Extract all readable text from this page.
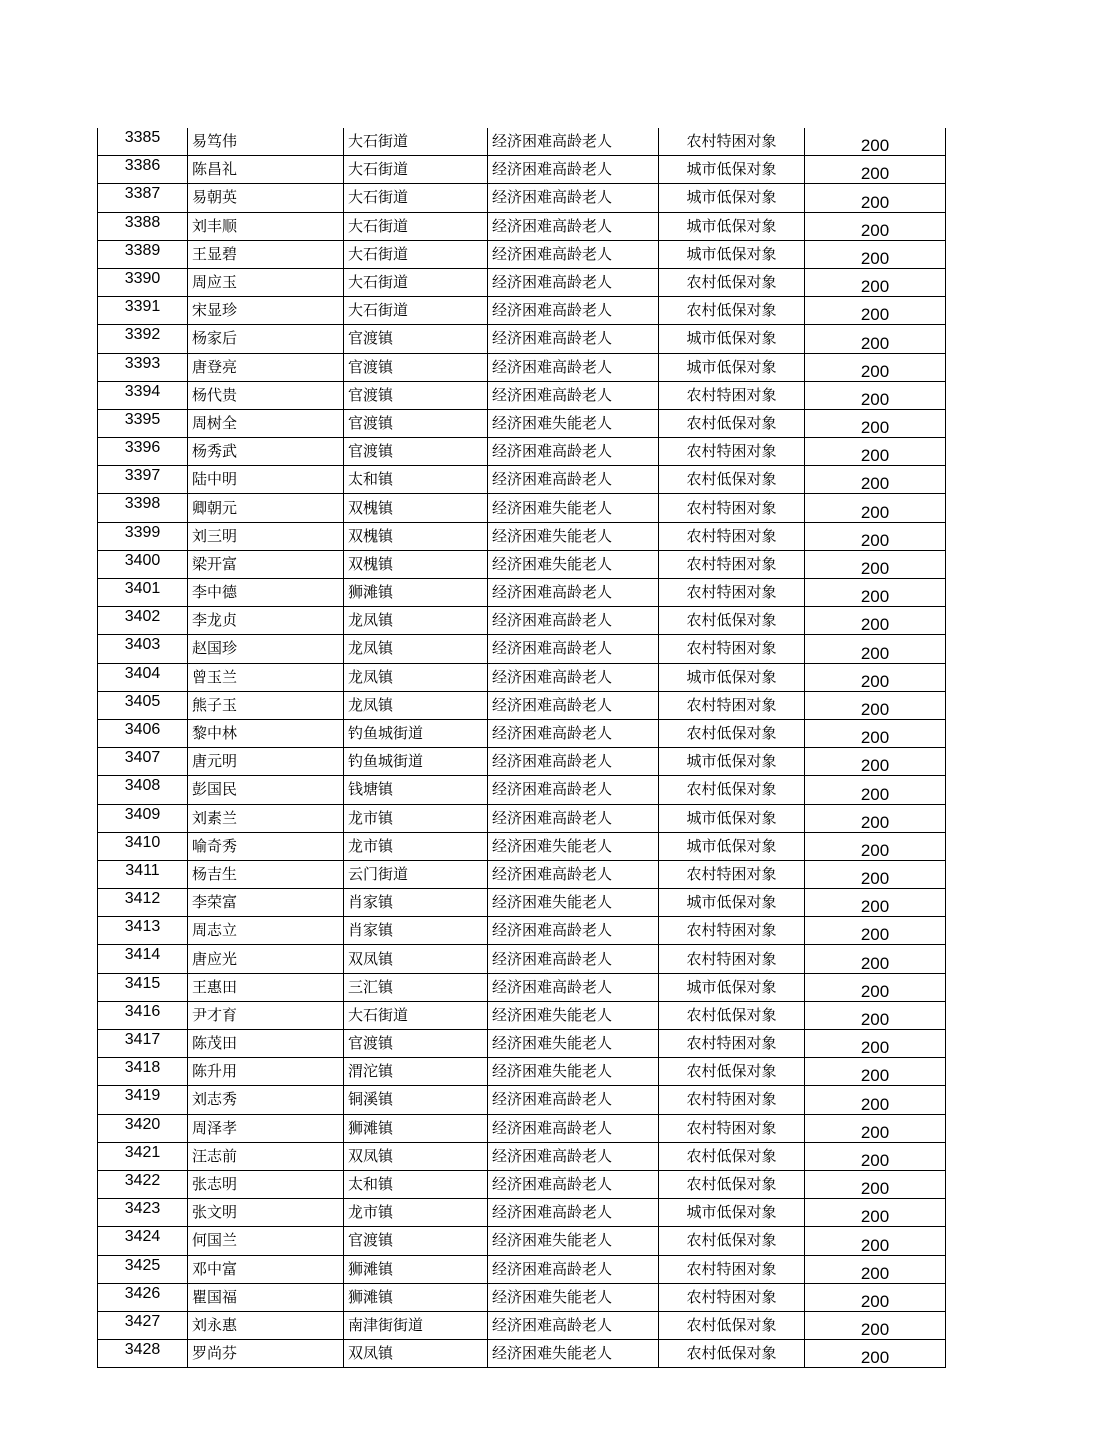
3385	易笃伟	大石街道	经济困难高龄老人	农村特困对象	200
3386	陈昌礼	大石街道	经济困难高龄老人	城市低保对象	200
3387	易朝英	大石街道	经济困难高龄老人	城市低保对象	200
3388	刘丰顺	大石街道	经济困难高龄老人	城市低保对象	200
3389	王显碧	大石街道	经济困难高龄老人	城市低保对象	200
3390	周应玉	大石街道	经济困难高龄老人	农村低保对象	200
3391	宋显珍	大石街道	经济困难高龄老人	农村低保对象	200
3392	杨家后	官渡镇	经济困难高龄老人	城市低保对象	200
3393	唐登亮	官渡镇	经济困难高龄老人	城市低保对象	200
3394	杨代贵	官渡镇	经济困难高龄老人	农村特困对象	200
3395	周树全	官渡镇	经济困难失能老人	农村低保对象	200
3396	杨秀武	官渡镇	经济困难高龄老人	农村特困对象	200
3397	陆中明	太和镇	经济困难高龄老人	农村低保对象	200
3398	卿朝元	双槐镇	经济困难失能老人	农村特困对象	200
3399	刘三明	双槐镇	经济困难失能老人	农村特困对象	200
3400	梁开富	双槐镇	经济困难失能老人	农村特困对象	200
3401	李中德	狮滩镇	经济困难高龄老人	农村特困对象	200
3402	李龙贞	龙凤镇	经济困难高龄老人	农村低保对象	200
3403	赵国珍	龙凤镇	经济困难高龄老人	农村特困对象	200
3404	曾玉兰	龙凤镇	经济困难高龄老人	城市低保对象	200
3405	熊子玉	龙凤镇	经济困难高龄老人	农村特困对象	200
3406	黎中林	钓鱼城街道	经济困难高龄老人	农村低保对象	200
3407	唐元明	钓鱼城街道	经济困难高龄老人	城市低保对象	200
3408	彭国民	钱塘镇	经济困难高龄老人	农村低保对象	200
3409	刘素兰	龙市镇	经济困难高龄老人	城市低保对象	200
3410	喻奇秀	龙市镇	经济困难失能老人	城市低保对象	200
3411	杨吉生	云门街道	经济困难高龄老人	农村特困对象	200
3412	李荣富	肖家镇	经济困难失能老人	城市低保对象	200
3413	周志立	肖家镇	经济困难高龄老人	农村特困对象	200
3414	唐应光	双凤镇	经济困难高龄老人	农村特困对象	200
3415	王惠田	三汇镇	经济困难高龄老人	城市低保对象	200
3416	尹才育	大石街道	经济困难失能老人	农村低保对象	200
3417	陈茂田	官渡镇	经济困难失能老人	农村特困对象	200
3418	陈升用	渭沱镇	经济困难失能老人	农村低保对象	200
3419	刘志秀	铜溪镇	经济困难高龄老人	农村特困对象	200
3420	周泽孝	狮滩镇	经济困难高龄老人	农村特困对象	200
3421	汪志前	双凤镇	经济困难高龄老人	农村低保对象	200
3422	张志明	太和镇	经济困难高龄老人	农村低保对象	200
3423	张文明	龙市镇	经济困难高龄老人	城市低保对象	200
3424	何国兰	官渡镇	经济困难失能老人	农村低保对象	200
3425	邓中富	狮滩镇	经济困难高龄老人	农村特困对象	200
3426	瞿国福	狮滩镇	经济困难失能老人	农村特困对象	200
3427	刘永惠	南津街街道	经济困难高龄老人	农村低保对象	200
3428	罗尚芬	双凤镇	经济困难失能老人	农村低保对象	200
